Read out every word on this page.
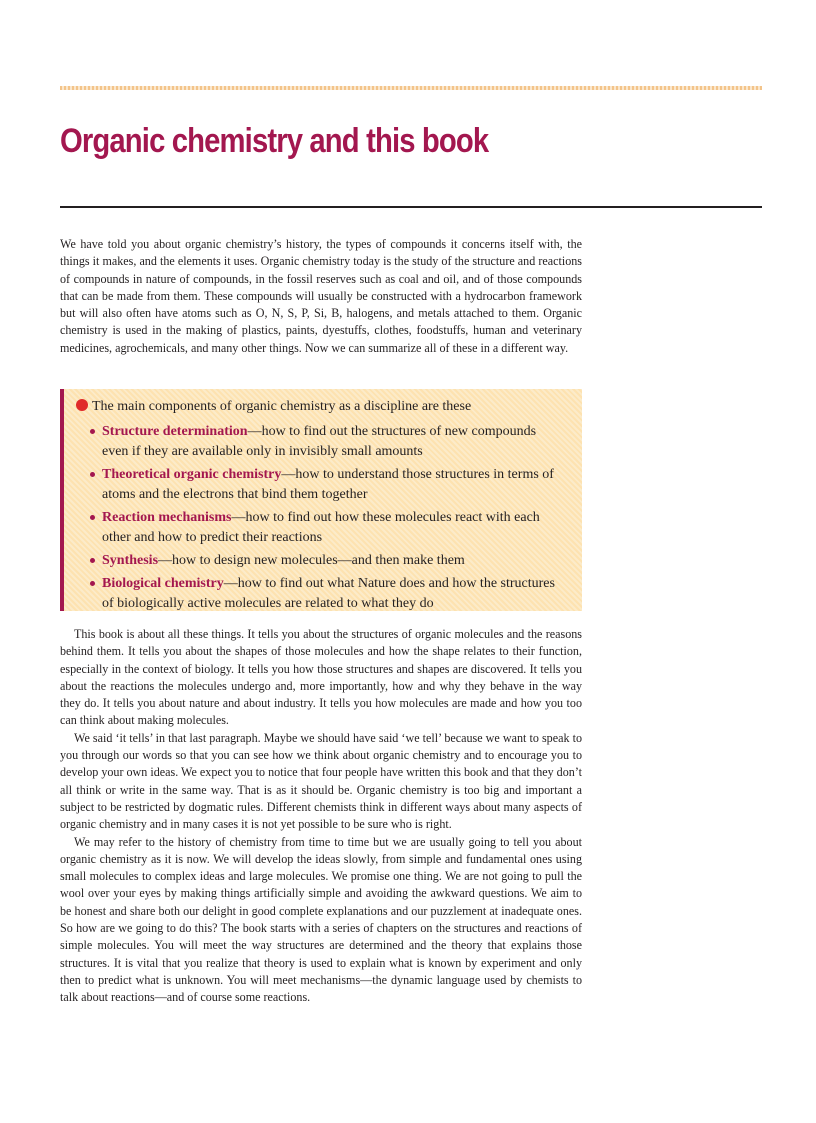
Organic chemistry and this book

We have told you about organic chemistry’s history, the types of compounds it concerns itself with, the things it makes, and the elements it uses. Organic chemistry today is the study of the structure and reactions of compounds in nature of compounds, in the fossil reserves such as coal and oil, and of those compounds that can be made from them. These compounds will usually be constructed with a hydrocarbon framework but will also often have atoms such as O, N, S, P, Si, B, halogens, and metals attached to them. Organic chemistry is used in the making of plastics, paints, dyestuffs, clothes, foodstuffs, human and veterinary medicines, agrochemicals, and many other things. Now we can summarize all of these in a different way.

The main components of organic chemistry as a discipline are these
Structure determination—how to find out the structures of new compounds even if they are available only in invisibly small amounts
Theoretical organic chemistry—how to understand those structures in terms of atoms and the electrons that bind them together
Reaction mechanisms—how to find out how these molecules react with each other and how to predict their reactions
Synthesis—how to design new molecules—and then make them
Biological chemistry—how to find out what Nature does and how the structures of biologically active molecules are related to what they do

This book is about all these things. It tells you about the structures of organic molecules and the reasons behind them. It tells you about the shapes of those molecules and how the shape relates to their function, especially in the context of biology. It tells you how those structures and shapes are discovered. It tells you about the reactions the molecules undergo and, more importantly, how and why they behave in the way they do. It tells you about nature and about industry. It tells you how molecules are made and how you too can think about making molecules.

We said ‘it tells’ in that last paragraph. Maybe we should have said ‘we tell’ because we want to speak to you through our words so that you can see how we think about organic chemistry and to encourage you to develop your own ideas. We expect you to notice that four people have written this book and that they don’t all think or write in the same way. That is as it should be. Organic chemistry is too big and important a subject to be restricted by dogmatic rules. Different chemists think in different ways about many aspects of organic chemistry and in many cases it is not yet possible to be sure who is right.

We may refer to the history of chemistry from time to time but we are usually going to tell you about organic chemistry as it is now. We will develop the ideas slowly, from simple and fundamental ones using small molecules to complex ideas and large molecules. We promise one thing. We are not going to pull the wool over your eyes by making things artificially simple and avoiding the awkward questions. We aim to be honest and share both our delight in good complete explanations and our puzzlement at inadequate ones. So how are we going to do this? The book starts with a series of chapters on the structures and reactions of simple molecules. You will meet the way structures are determined and the theory that explains those structures. It is vital that you realize that theory is used to explain what is known by experiment and only then to predict what is unknown. You will meet mechanisms—the dynamic language used by chemists to talk about reactions—and of course some reactions.
